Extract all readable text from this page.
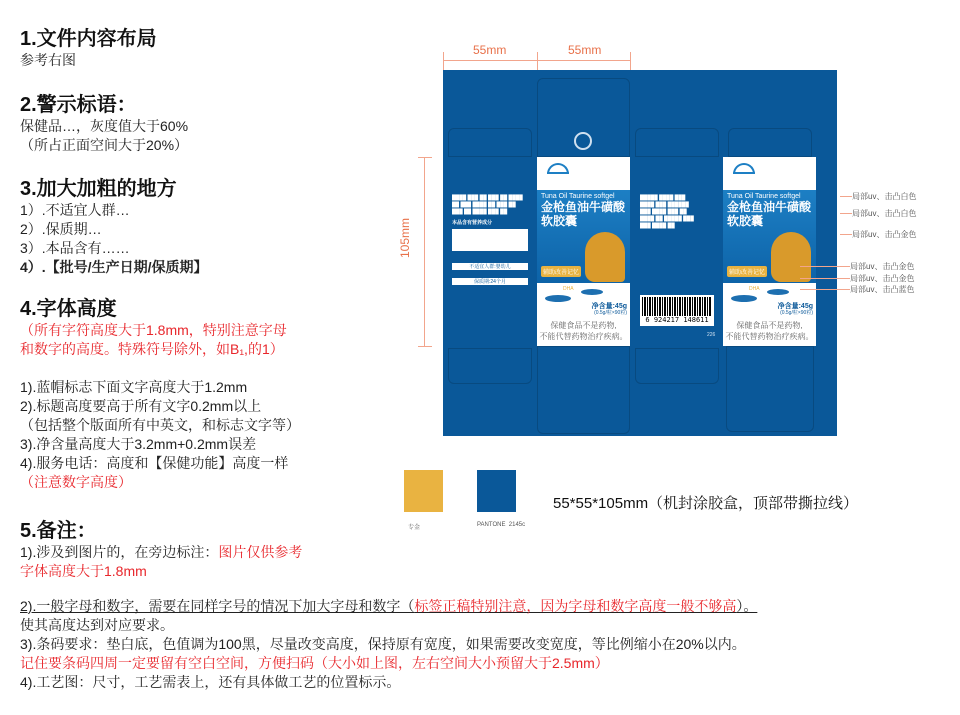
1.文件内容布局
参考右图
2.警示标语：
保健品…，灰度值大于60%
（所占正面空间大于20%）
3.加大加粗的地方
1）.不适宜人群…
2）.保质期…
3）.本品含有……
4）.【批号/生产日期/保质期】
4.字体高度
（所有字符高度大于1.8mm，特别注意字母
和数字的高度。特殊符号除外，如B₁,的1）
1).蓝帽标志下面文字高度大于1.2mm
2).标题高度要高于所有文字0.2mm以上
（包括整个版面所有中英文，和标志文字等）
3).净含量高度大于3.2mm+0.2mm误差
4).服务电话：高度和【保健功能】高度一样
（注意数字高度）
5.备注：
1).涉及到图片的，在旁边标注：图片仅供参考
字体高度大于1.8mm
2).一般字母和数字，需要在同样字号的情况下加大字母和数字（标签正稿特别注意，因为字母和数字高度一般不够高）。
使其高度达到对应要求。
3).条码要求：垫白底，色值调为100黑，尽量改变高度，保持原有宽度，如果需要改变宽度，等比例缩小在20%以内。
记住要条码四周一定要留有空白空间，方便扫码（大小如上图，左右空间大小预留大于2.5mm）
4).工艺图：尺寸，工艺需表上，还有具体做工艺的位置标示。
55mm	55mm
105mm
████ ███ ██ ███ ██ ████
██ ███ ████ ██ ███ ██
███ ██ ████ ███ ██
本品含有营养成分
不适宜人群:婴幼儿
保质期:24个月
█████ ████ ███
████ ███ ██████
███ ████ ███ ██
████ ██ █████ ███
███ ████ ██
6 924217 148611
226
Tuna Oil Taurine softgel
金枪鱼油牛磺酸
软胶囊
辅助改善记忆
DHA
净含量:45g
(0.5g/粒×90粒)
保健食品不是药物,
不能代替药物治疗疾病。
Tuna Oil Taurine softgel
金枪鱼油牛磺酸
软胶囊
辅助改善记忆
DHA
净含量:45g
(0.5g/粒×90粒)
保健食品不是药物,
不能代替药物治疗疾病。
局部uv、击凸白色
局部uv、击凸白色
局部uv、击凸金色
局部uv、击凸金色
局部uv、击凸金色
局部uv、击凸蓝色
专金	PANTONE  2145c
55*55*105mm（机封涂胶盒，顶部带撕拉线）
